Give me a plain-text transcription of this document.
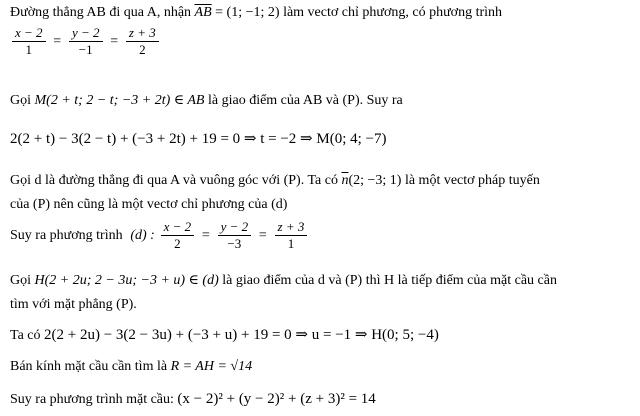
Đường thẳng AB đi qua A, nhận $\overline{AB} = (1$; −1; 2) làm vectơ chỉ phương, có phương trình
$\frac{x - 2}{1} = \frac{y - 2}{-1} = \frac{z + 3}{2}$
Gọi M(2 + t; 2 − t; −3 + 2t) ∈ AB là giao điểm của AB và (P). Suy ra
2(2 + t) − 3(2 − t) + (−3 + 2t) + 19 = 0 ⇒ t = −2 ⇒ M(0; 4; −7)
Gọi d là đường thẳng đi qua A và vuông góc với (P). Ta có $\overline{n}(2$; −3; 1) là một vectơ pháp tuyến
của (P) nên cũng là một vectơ chỉ phương của (d)
Suy ra phương trình (d) : $\frac{x - 2}{2} = \frac{y - 2}{-3} = \frac{z + 3}{1}$
Gọi H(2 + 2u; 2 − 3u; −3 + u) ∈ (d) là giao điểm của d và (P) thì H là tiếp điểm của mặt cầu cần
tìm với mặt phẳng (P).
Ta có 2(2 + 2u) − 3(2 − 3u) + (−3 + u) + 19 = 0 ⇒ u = −1 ⇒ H(0; 5; −4)
Bán kính mặt cầu cần tìm là R = AH = √14
Suy ra phương trình mặt cầu: (x − 2)² + (y − 2)² + (z + 3)² = 14
